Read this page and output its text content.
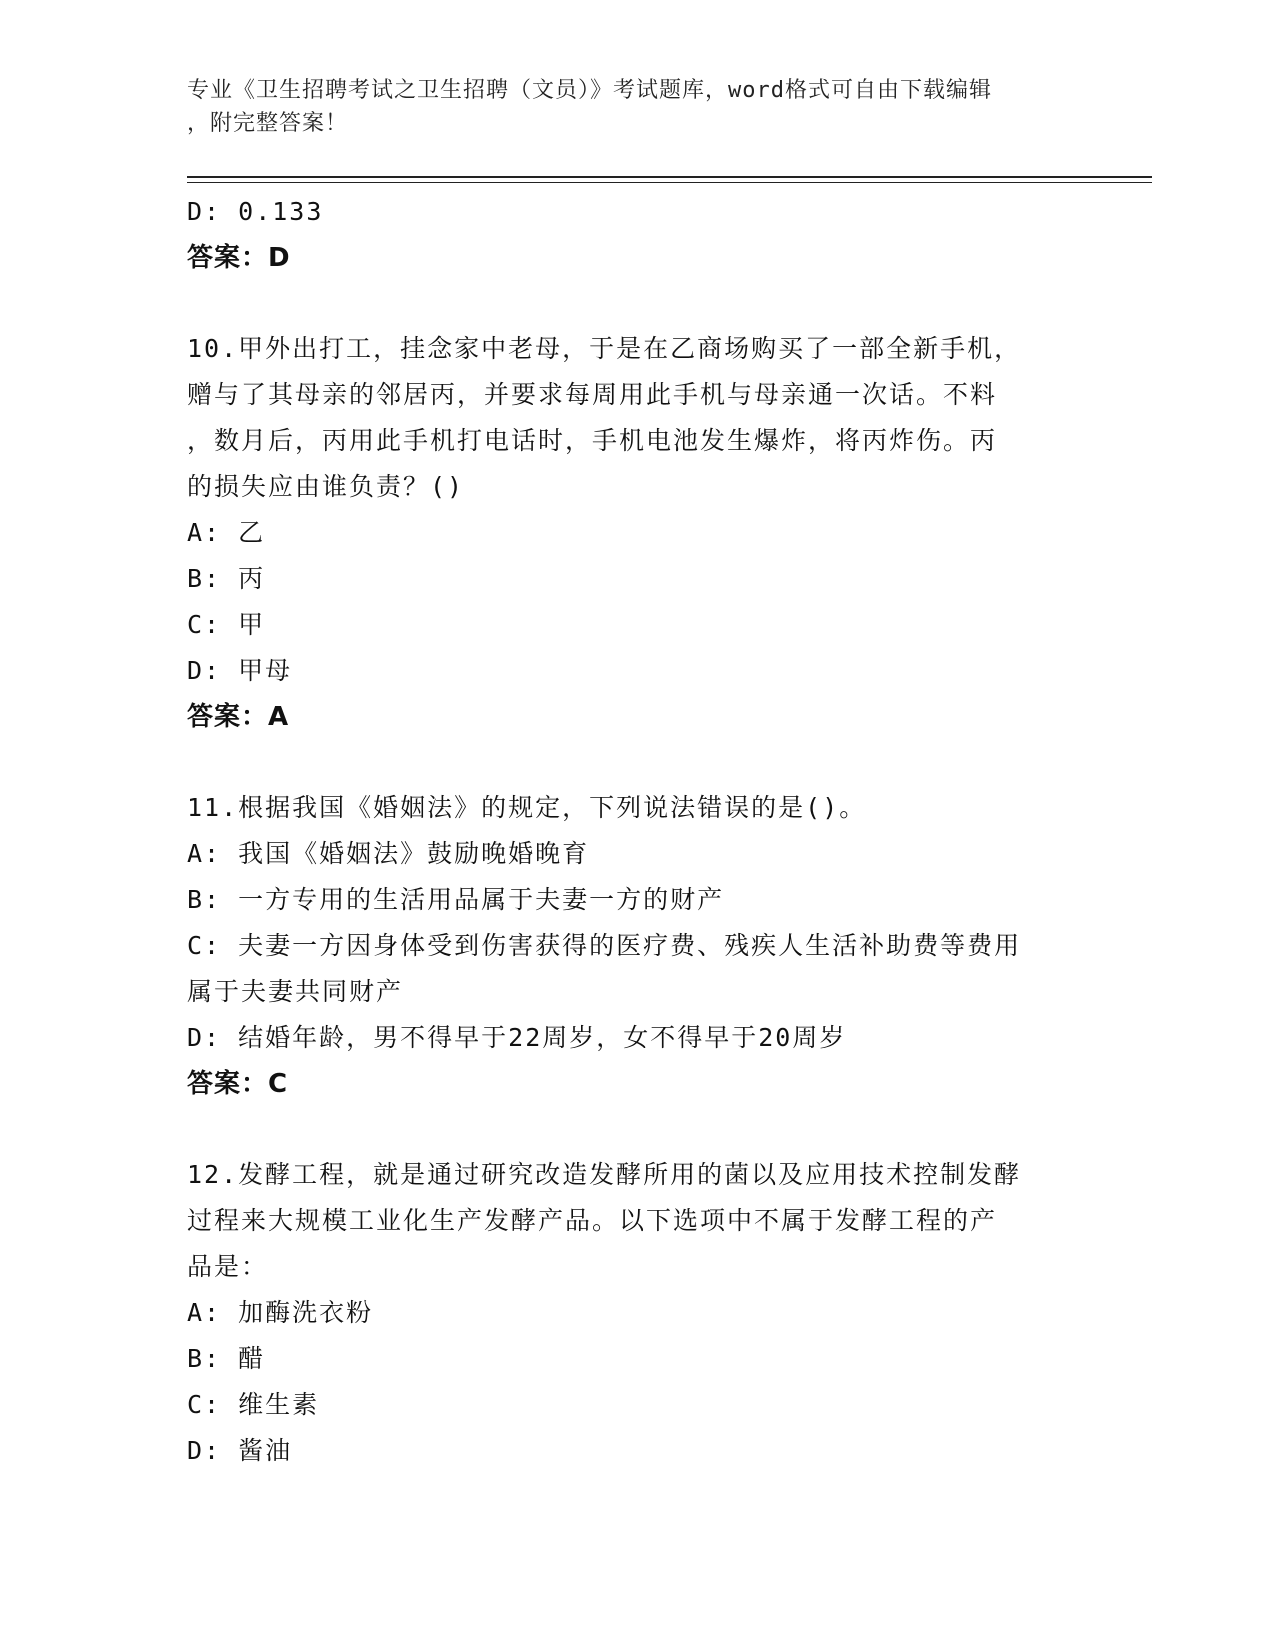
专业《卫生招聘考试之卫生招聘（文员）》考试题库，word格式可自由下载编辑
，附完整答案！
D: 0.133
答案：D
10.甲外出打工，挂念家中老母，于是在乙商场购买了一部全新手机，
赠与了其母亲的邻居丙，并要求每周用此手机与母亲通一次话。不料
，数月后，丙用此手机打电话时，手机电池发生爆炸，将丙炸伤。丙
的损失应由谁负责？()
A: 乙
B: 丙
C: 甲
D: 甲母
答案：A
11.根据我国《婚姻法》的规定，下列说法错误的是()。
A: 我国《婚姻法》鼓励晚婚晚育
B: 一方专用的生活用品属于夫妻一方的财产
C: 夫妻一方因身体受到伤害获得的医疗费、残疾人生活补助费等费用
属于夫妻共同财产
D: 结婚年龄，男不得早于22周岁，女不得早于20周岁
答案：C
12.发酵工程，就是通过研究改造发酵所用的菌以及应用技术控制发酵
过程来大规模工业化生产发酵产品。以下选项中不属于发酵工程的产
品是：
A: 加酶洗衣粉
B: 醋
C: 维生素
D: 酱油
